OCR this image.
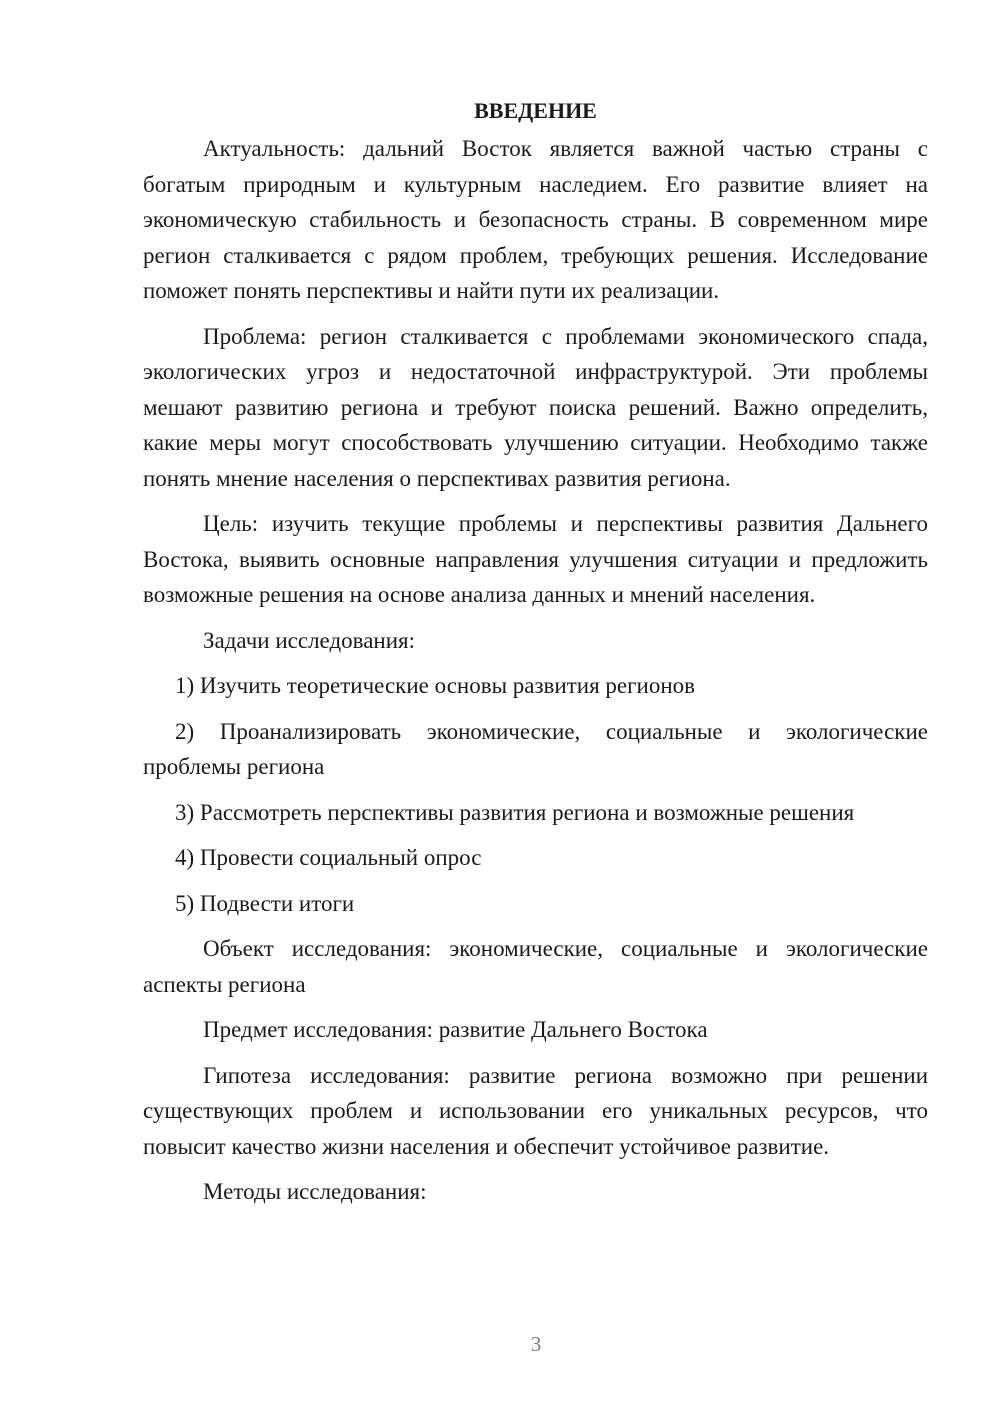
ВВЕДЕНИЕ

Актуальность: дальний Восток является важной частью страны с богатым природным и культурным наследием. Его развитие влияет на экономическую стабильность и безопасность страны. В современном мире регион сталкивается с рядом проблем, требующих решения. Исследование поможет понять перспективы и найти пути их реализации.

Проблема: регион сталкивается с проблемами экономического спада, экологических угроз и недостаточной инфраструктурой. Эти проблемы мешают развитию региона и требуют поиска решений. Важно определить, какие меры могут способствовать улучшению ситуации. Необходимо также понять мнение населения о перспективах развития региона.

Цель: изучить текущие проблемы и перспективы развития Дальнего Востока, выявить основные направления улучшения ситуации и предложить возможные решения на основе анализа данных и мнений населения.

Задачи исследования:

1) Изучить теоретические основы развития регионов

2) Проанализировать экономические, социальные и экологические проблемы региона

3) Рассмотреть перспективы развития региона и возможные решения

4) Провести социальный опрос

5) Подвести итоги

Объект исследования: экономические, социальные и экологические аспекты региона

Предмет исследования: развитие Дальнего Востока

Гипотеза исследования: развитие региона возможно при решении существующих проблем и использовании его уникальных ресурсов, что повысит качество жизни населения и обеспечит устойчивое развитие.

Методы исследования:

3
